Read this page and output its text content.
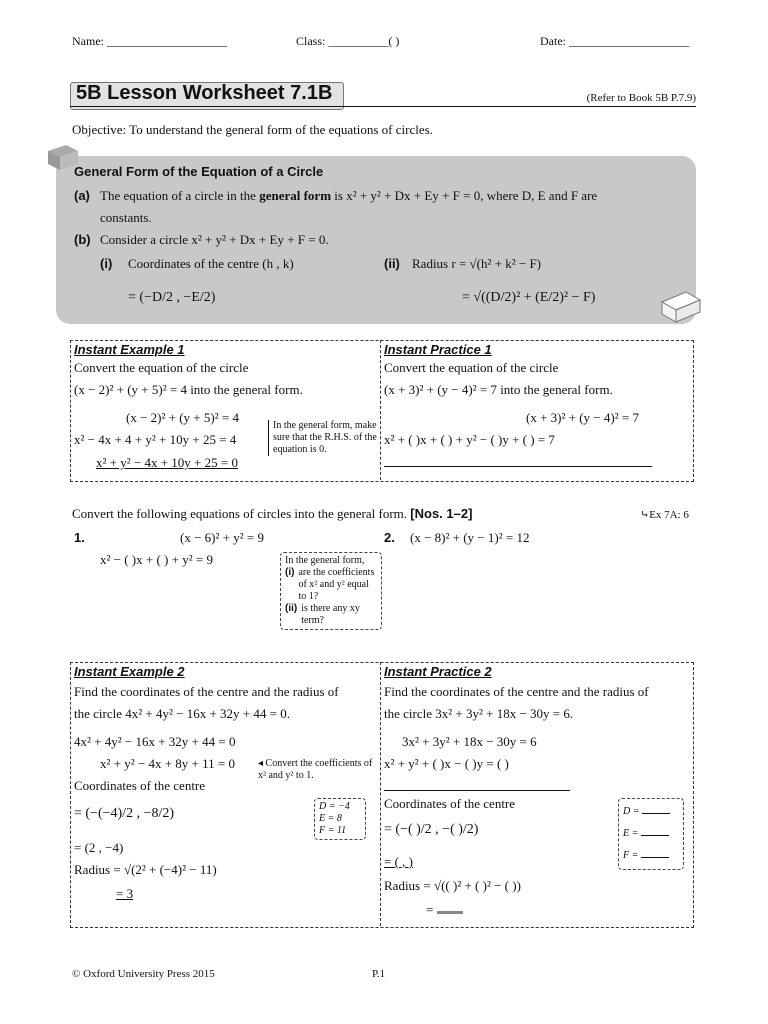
Name: ____________________	Class: __________( )	Date: ____________________
5B Lesson Worksheet 7.1B	(Refer to Book 5B P.7.9)
Objective: To understand the general form of the equations of circles.
General Form of the Equation of a Circle
(a) The equation of a circle in the general form is x² + y² + Dx + Ey + F = 0, where D, E and F are
constants.
(b) Consider a circle x² + y² + Dx + Ey + F = 0.
(i) Coordinates of the centre (h , k)
= (−D/2 , −E/2)
(ii) Radius r = √(h² + k² − F)
= √((D/2)² + (E/2)² − F)
Instant Example 1
Convert the equation of the circle
(x − 2)² + (y + 5)² = 4 into the general form.
(x − 2)² + (y + 5)² = 4
x² − 4x + 4 + y² + 10y + 25 = 4
x² + y² − 4x + 10y + 25 = 0
In the general form, make sure that the R.H.S. of the equation is 0.
Instant Practice 1
Convert the equation of the circle
(x + 3)² + (y − 4)² = 7 into the general form.
(x + 3)² + (y − 4)² = 7
x² + ( )x + ( ) + y² − ( )y + ( ) = 7
Convert the following equations of circles into the general form. [Nos. 1–2]	⤷Ex 7A: 6
1.	(x − 6)² + y² = 9
x² − ( )x + ( ) + y² = 9	In the general form,
(i) are the coefficients of x² and y² equal to 1?
(ii) is there any xy term?
2. (x − 8)² + (y − 1)² = 12
Instant Example 2
Find the coordinates of the centre and the radius of
the circle 4x² + 4y² − 16x + 32y + 44 = 0.
4x² + 4y² − 16x + 32y + 44 = 0
x² + y² − 4x + 8y + 11 = 0 ◂ Convert the coefficients of x² and y² to 1.
Coordinates of the centre
= (−(−4)/2 , −8/2)
= (2 , −4)
Radius = √(2² + (−4)² − 11)
= 3
D = −4
E = 8
F = 11
Instant Practice 2
Find the coordinates of the centre and the radius of
the circle 3x² + 3y² + 18x − 30y = 6.
3x² + 3y² + 18x − 30y = 6
x² + y² + ( )x − ( )y = ( )
Coordinates of the centre
= (−( )/2 , −( )/2)
= ( , )
Radius = √(( )² + ( )² − ( ))
=
D =
E =
F =
© Oxford University Press 2015	P.1
